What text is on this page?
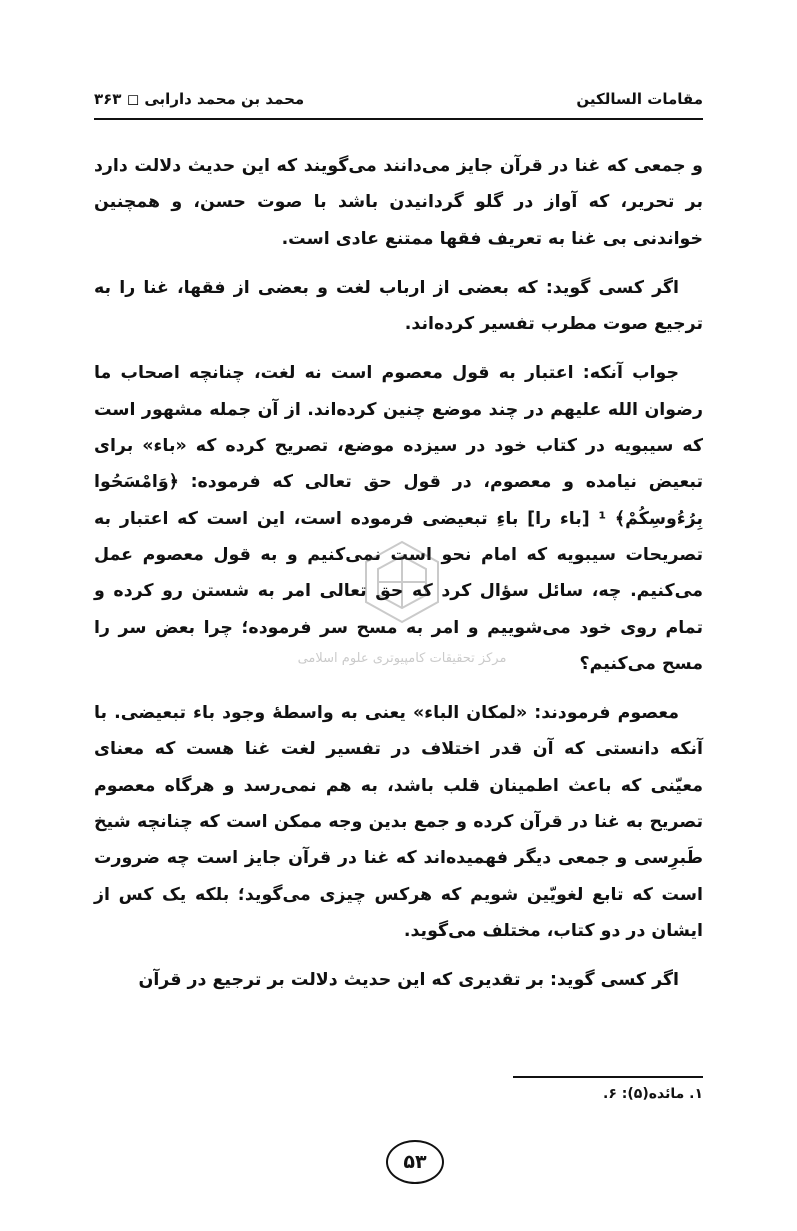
مقامات السالکین
محمد بن محمد دارابی ◻ ۳۶۳

و جمعی که غنا در قرآن جایز می‌دانند می‌گویند که این حدیث دلالت دارد بر تحریر، که آواز در گلو گردانیدن باشد با صوت حسن، و همچنین خواندنی بی غنا به تعریف فقها ممتنع عادی است.

اگر کسی گوید: که بعضی از ارباب لغت و بعضی از فقها، غنا را به ترجیع صوت مطرب تفسیر کرده‌اند.

جواب آنکه: اعتبار به قول معصوم است نه لغت، چنانچه اصحاب ما رضوان الله علیهم در چند موضع چنین کرده‌اند. از آن جمله مشهور است که سیبویه در کتاب خود در سیزده موضع، تصریح کرده که «باء» برای تبعیض نیامده و معصوم، در قول حق تعالی که فرموده: ﴿وَامْسَحُوا بِرُءُوسِكُمْ﴾ ¹ [باء را] باءِ تبعیضی فرموده است، این است که اعتبار به تصریحات سیبویه که امام نحو است نمی‌کنیم و به قول معصوم عمل می‌کنیم. چه، سائل سؤال کرد که حق تعالی امر به شستن رو کرده و تمام روی خود می‌شوییم و امر به مسح سر فرموده؛ چرا بعض سر را مسح می‌کنیم؟

معصوم فرمودند: «لمکان الباء» یعنی به واسطهٔ وجود باء تبعیضی. با آنکه دانستی که آن قدر اختلاف در تفسیر لغت غنا هست که معنای معیّنی که باعث اطمینان قلب باشد، به هم نمی‌رسد و هرگاه معصوم تصریح به غنا در قرآن کرده و جمع بدین وجه ممکن است که چنانچه شیخ طَبرِسی و جمعی دیگر فهمیده‌اند که غنا در قرآن جایز است چه ضرورت است که تابع لغویّین شویم که هرکس چیزی می‌گوید؛ بلکه یک کس از ایشان در دو کتاب، مختلف می‌گوید.

اگر کسی گوید: بر تقدیری که این حدیث دلالت بر ترجیع در قرآن

مرکز تحقیقات کامپیوتری علوم اسلامی
۱. مائده(۵): ۶.
۵۳
